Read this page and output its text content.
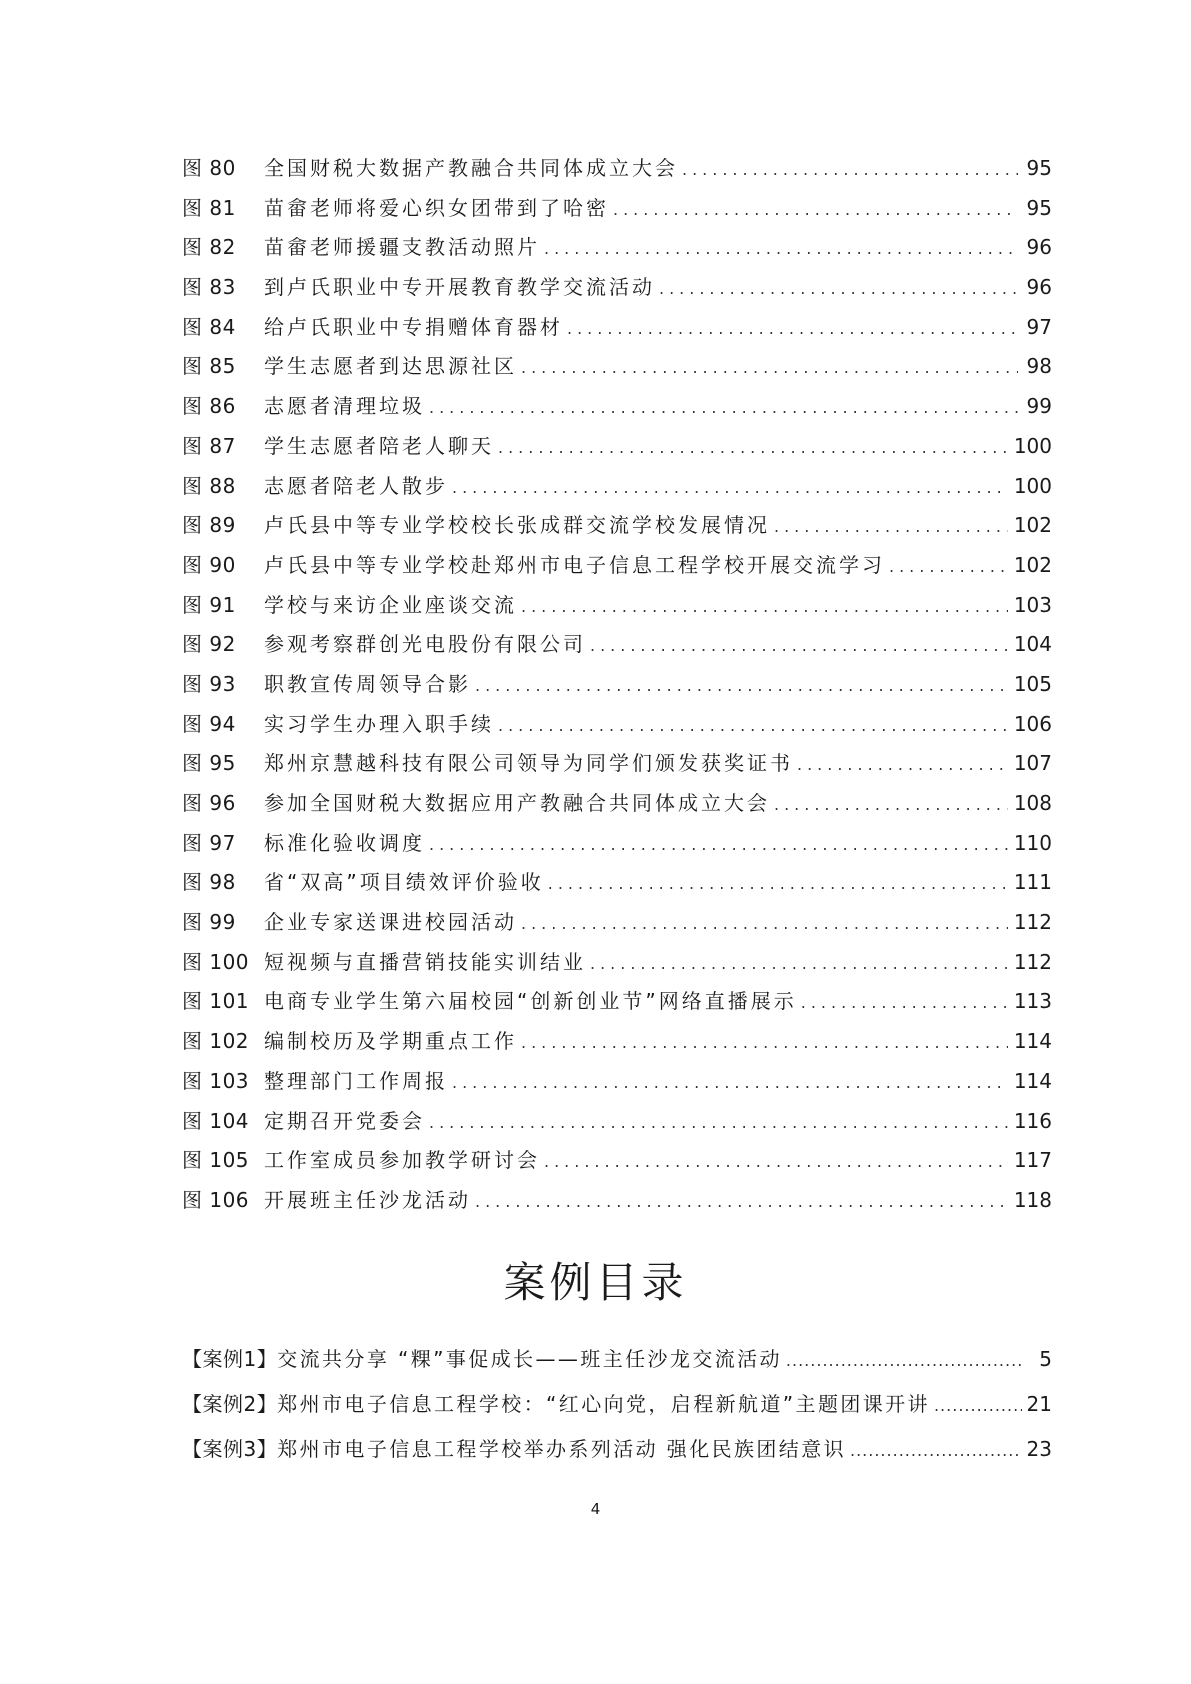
图 80	全国财税大数据产教融合共同体成立大会 .....	95
图 81	苗畲老师将爱心织女团带到了哈密 .....	95
图 82	苗畲老师援疆支教活动照片 .....	96
图 83	到卢氏职业中专开展教育教学交流活动 .....	96
图 84	给卢氏职业中专捐赠体育器材 .....	97
图 85	学生志愿者到达思源社区 .....	98
图 86	志愿者清理垃圾 .....	99
图 87	学生志愿者陪老人聊天 .....	100
图 88	志愿者陪老人散步 .....	100
图 89	卢氏县中等专业学校校长张成群交流学校发展情况 .....	102
图 90	卢氏县中等专业学校赴郑州市电子信息工程学校开展交流学习 .....	102
图 91	学校与来访企业座谈交流 .....	103
图 92	参观考察群创光电股份有限公司 .....	104
图 93	职教宣传周领导合影 .....	105
图 94	实习学生办理入职手续 .....	106
图 95	郑州京慧越科技有限公司领导为同学们颁发获奖证书 .....	107
图 96	参加全国财税大数据应用产教融合共同体成立大会 .....	108
图 97	标准化验收调度 .....	110
图 98	省“双高”项目绩效评价验收 .....	111
图 99	企业专家送课进校园活动 .....	112
图 100 短视频与直播营销技能实训结业 .....	112
图 101 电商专业学生第六届校园“创新创业节”网络直播展示 .....	113
图 102 编制校历及学期重点工作 .....	114
图 103 整理部门工作周报 .....	114
图 104 定期召开党委会 .....	116
图 105 工作室成员参加教学研讨会 .....	117
图 106 开展班主任沙龙活动 .....	118
案例目录
【案例1】 交流共分享 “粿”事促成长——班主任沙龙交流活动 .....	5
【案例2】 郑州市电子信息工程学校：“红心向党，启程新航道”主题团课开讲 .....	21
【案例3】 郑州市电子信息工程学校举办系列活动 强化民族团结意识 .....	23
4
